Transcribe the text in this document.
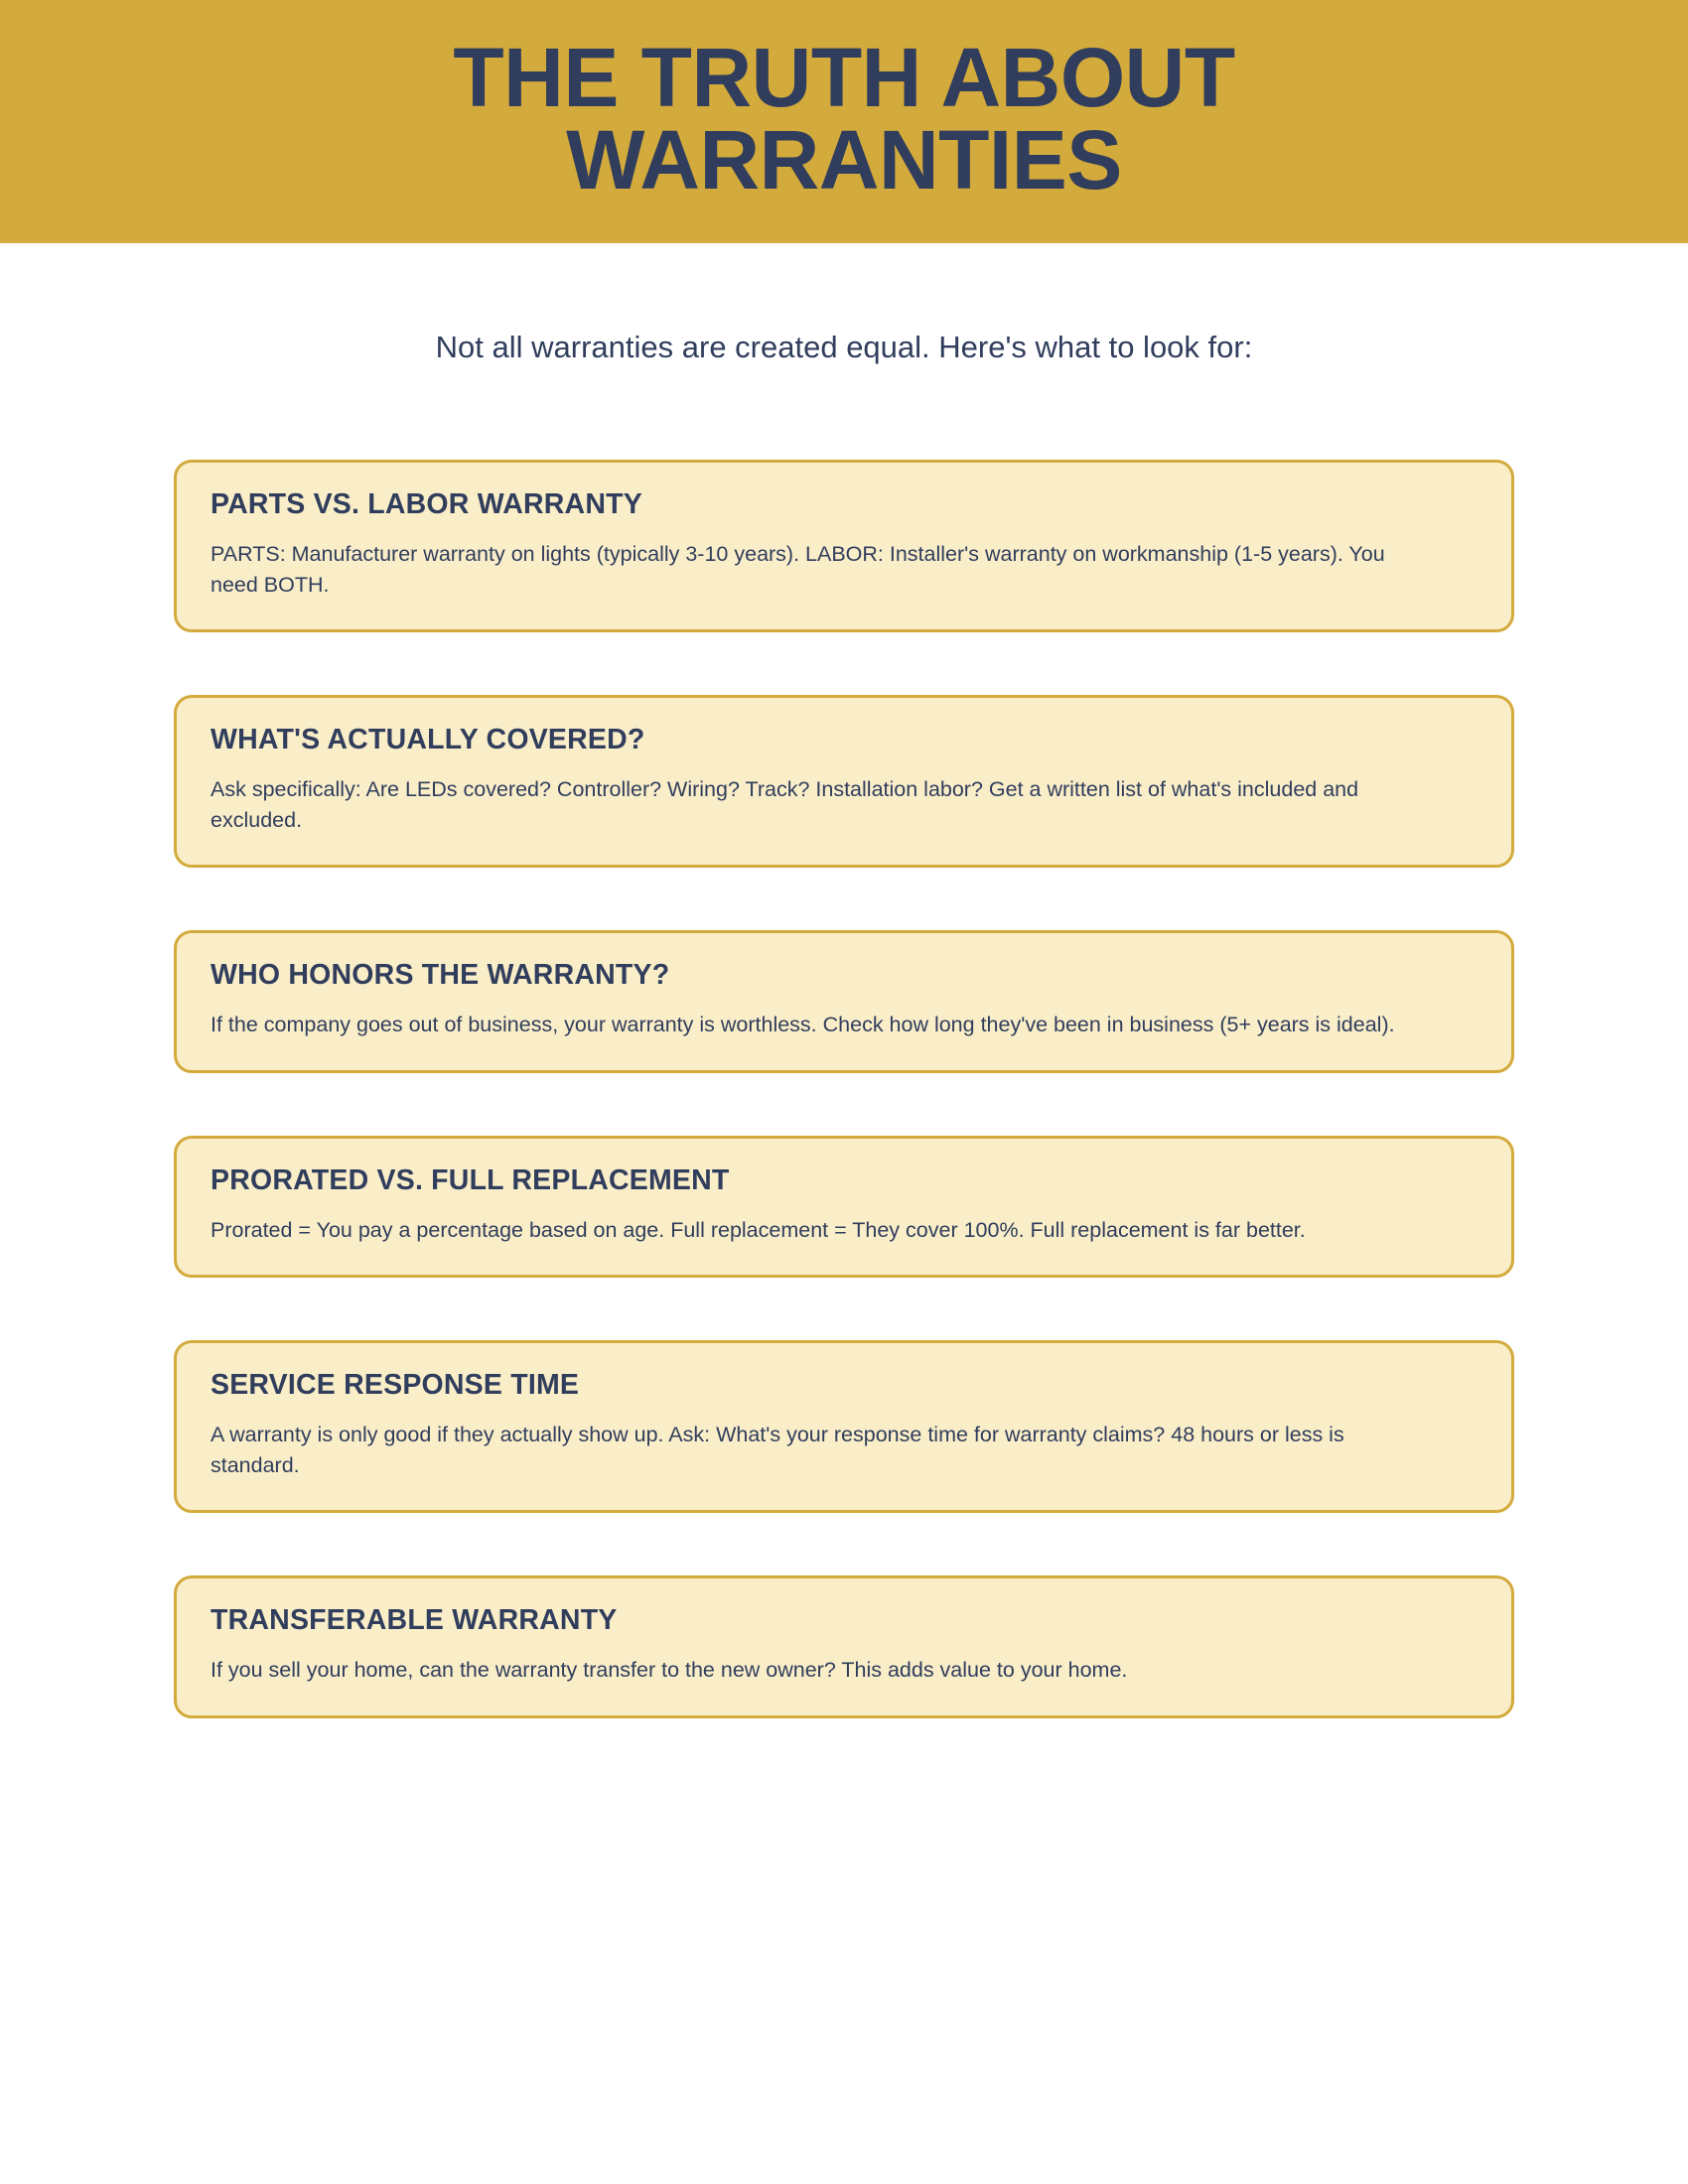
THE TRUTH ABOUT WARRANTIES
Not all warranties are created equal. Here's what to look for:
PARTS VS. LABOR WARRANTY

PARTS: Manufacturer warranty on lights (typically 3-10 years). LABOR: Installer's warranty on workmanship (1-5 years). You need BOTH.

WHAT'S ACTUALLY COVERED?

Ask specifically: Are LEDs covered? Controller? Wiring? Track? Installation labor? Get a written list of what's included and excluded.

WHO HONORS THE WARRANTY?

If the company goes out of business, your warranty is worthless. Check how long they've been in business (5+ years is ideal).

PRORATED VS. FULL REPLACEMENT

Prorated = You pay a percentage based on age. Full replacement = They cover 100%. Full replacement is far better.

SERVICE RESPONSE TIME

A warranty is only good if they actually show up. Ask: What's your response time for warranty claims? 48 hours or less is standard.

TRANSFERABLE WARRANTY

If you sell your home, can the warranty transfer to the new owner? This adds value to your home.
